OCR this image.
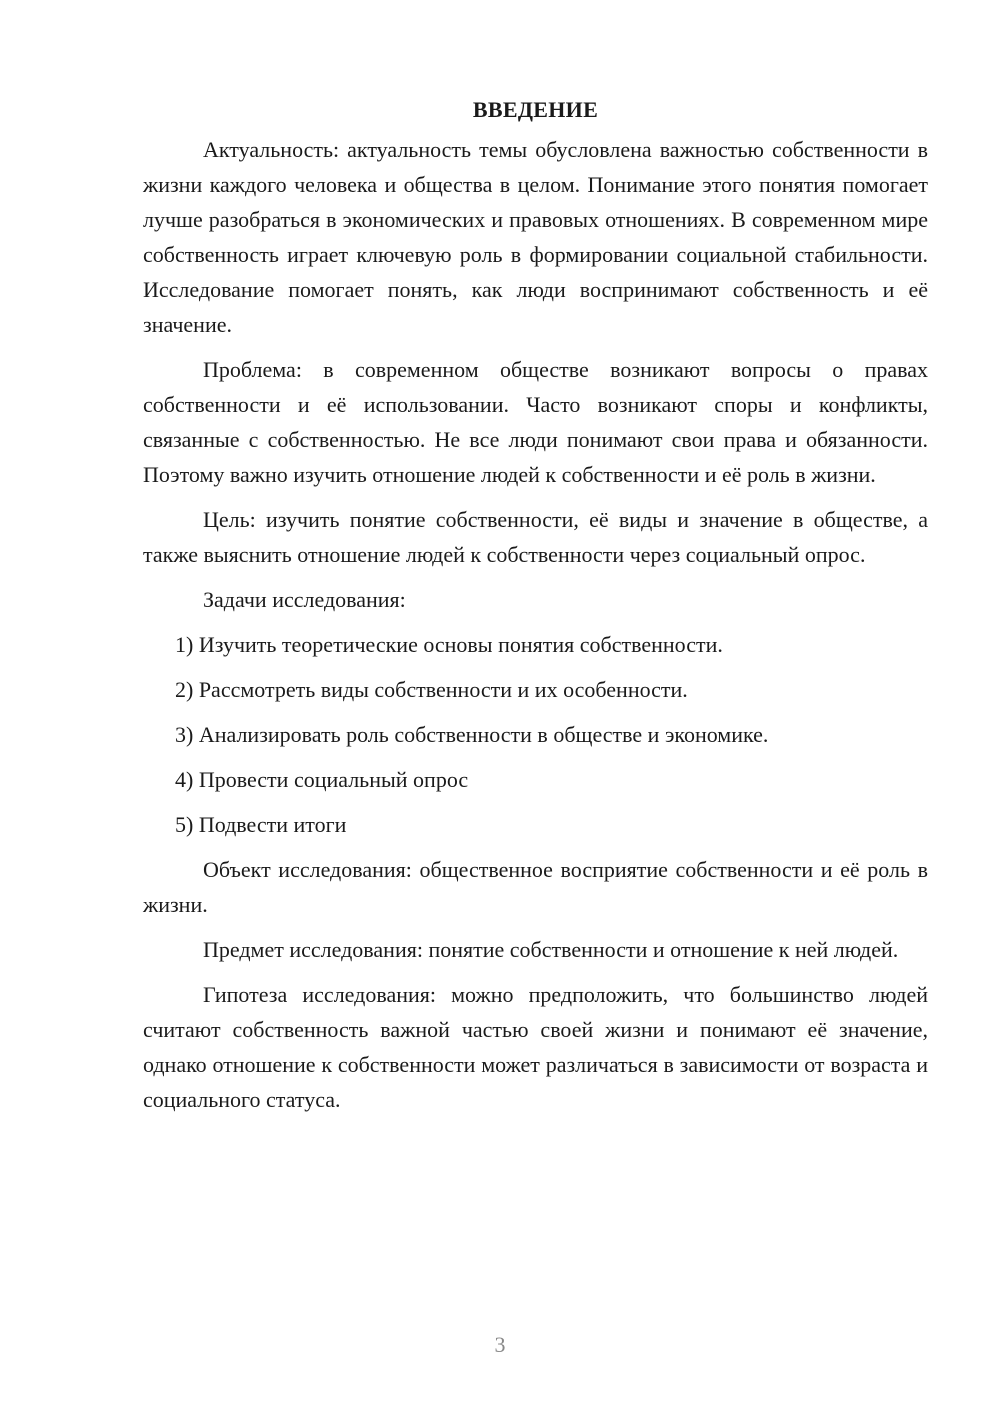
ВВЕДЕНИЕ

Актуальность: актуальность темы обусловлена важностью собственности в жизни каждого человека и общества в целом. Понимание этого понятия помогает лучше разобраться в экономических и правовых отношениях. В современном мире собственность играет ключевую роль в формировании социальной стабильности. Исследование помогает понять, как люди воспринимают собственность и её значение.

Проблема: в современном обществе возникают вопросы о правах собственности и её использовании. Часто возникают споры и конфликты, связанные с собственностью. Не все люди понимают свои права и обязанности. Поэтому важно изучить отношение людей к собственности и её роль в жизни.

Цель: изучить понятие собственности, её виды и значение в обществе, а также выяснить отношение людей к собственности через социальный опрос.

Задачи исследования:

1) Изучить теоретические основы понятия собственности.

2) Рассмотреть виды собственности и их особенности.

3) Анализировать роль собственности в обществе и экономике.

4) Провести социальный опрос

5) Подвести итоги

Объект исследования: общественное восприятие собственности и её роль в жизни.

Предмет исследования: понятие собственности и отношение к ней людей.

Гипотеза исследования: можно предположить, что большинство людей считают собственность важной частью своей жизни и понимают её значение, однако отношение к собственности может различаться в зависимости от возраста и социального статуса.

3
